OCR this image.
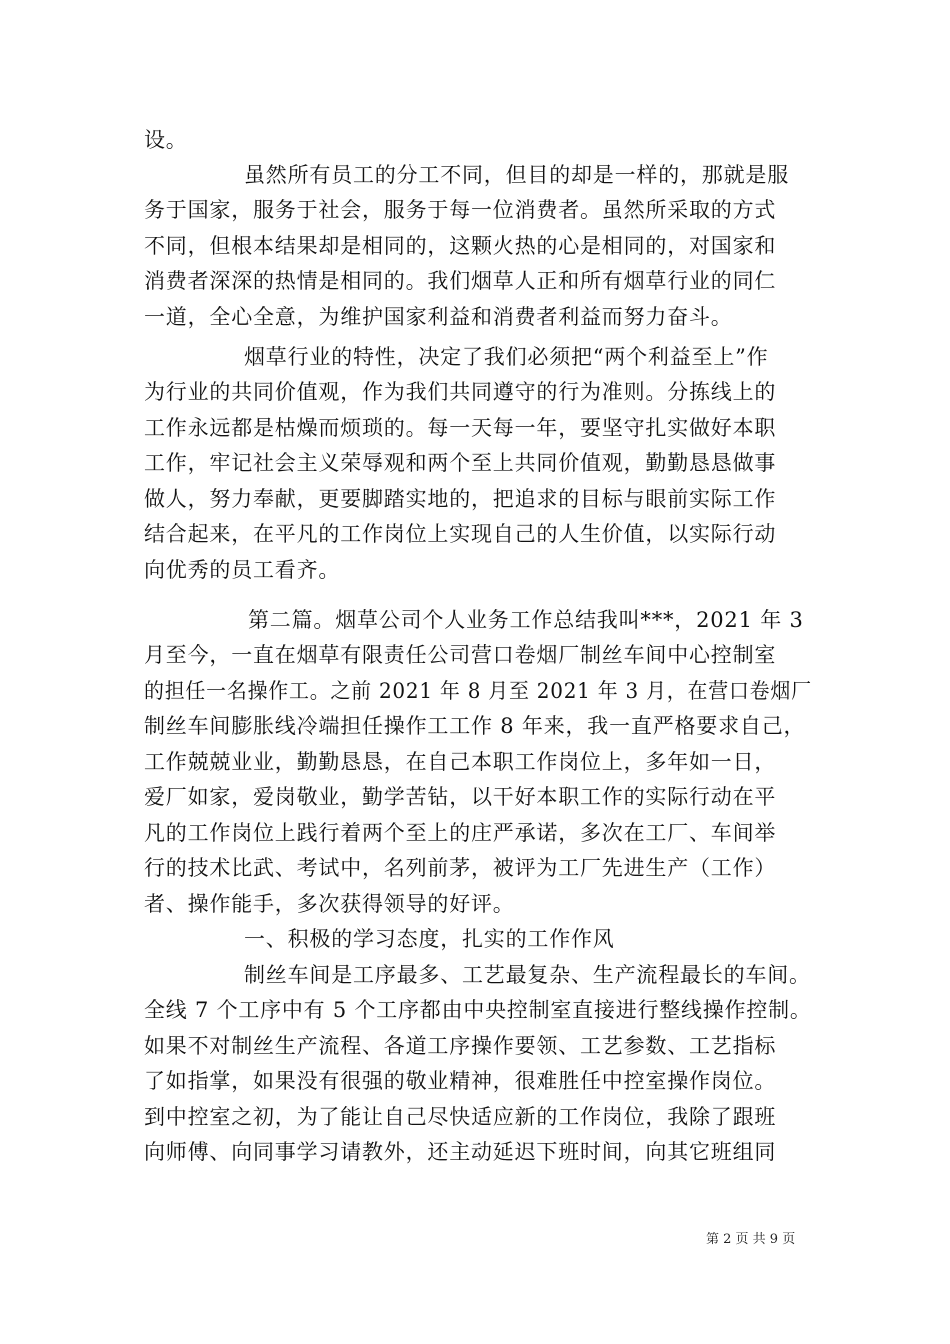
设。
虽然所有员工的分工不同，但目的却是一样的，那就是服
务于国家，服务于社会，服务于每一位消费者。虽然所采取的方式
不同，但根本结果却是相同的，这颗火热的心是相同的，对国家和
消费者深深的热情是相同的。我们烟草人正和所有烟草行业的同仁
一道，全心全意，为维护国家利益和消费者利益而努力奋斗。
烟草行业的特性，决定了我们必须把“两个利益至上”作
为行业的共同价值观，作为我们共同遵守的行为准则。分拣线上的
工作永远都是枯燥而烦琐的。每一天每一年，要坚守扎实做好本职
工作，牢记社会主义荣辱观和两个至上共同价值观，勤勤恳恳做事
做人，努力奉献，更要脚踏实地的，把追求的目标与眼前实际工作
结合起来，在平凡的工作岗位上实现自己的人生价值，以实际行动
向优秀的员工看齐。
第二篇。烟草公司个人业务工作总结我叫***，2021 年 3
月至今，一直在烟草有限责任公司营口卷烟厂制丝车间中心控制室
的担任一名操作工。之前 2021 年 8 月至 2021 年 3 月，在营口卷烟厂
制丝车间膨胀线冷端担任操作工工作 8 年来，我一直严格要求自己，
工作兢兢业业，勤勤恳恳，在自己本职工作岗位上，多年如一日，
爱厂如家，爱岗敬业，勤学苦钻，以干好本职工作的实际行动在平
凡的工作岗位上践行着两个至上的庄严承诺，多次在工厂、车间举
行的技术比武、考试中，名列前茅，被评为工厂先进生产（工作）
者、操作能手，多次获得领导的好评。
一、积极的学习态度，扎实的工作作风
制丝车间是工序最多、工艺最复杂、生产流程最长的车间。
全线 7 个工序中有 5 个工序都由中央控制室直接进行整线操作控制。
如果不对制丝生产流程、各道工序操作要领、工艺参数、工艺指标
了如指掌，如果没有很强的敬业精神，很难胜任中控室操作岗位。
到中控室之初，为了能让自己尽快适应新的工作岗位，我除了跟班
向师傅、向同事学习请教外，还主动延迟下班时间，向其它班组同
第 2 页 共 9 页
